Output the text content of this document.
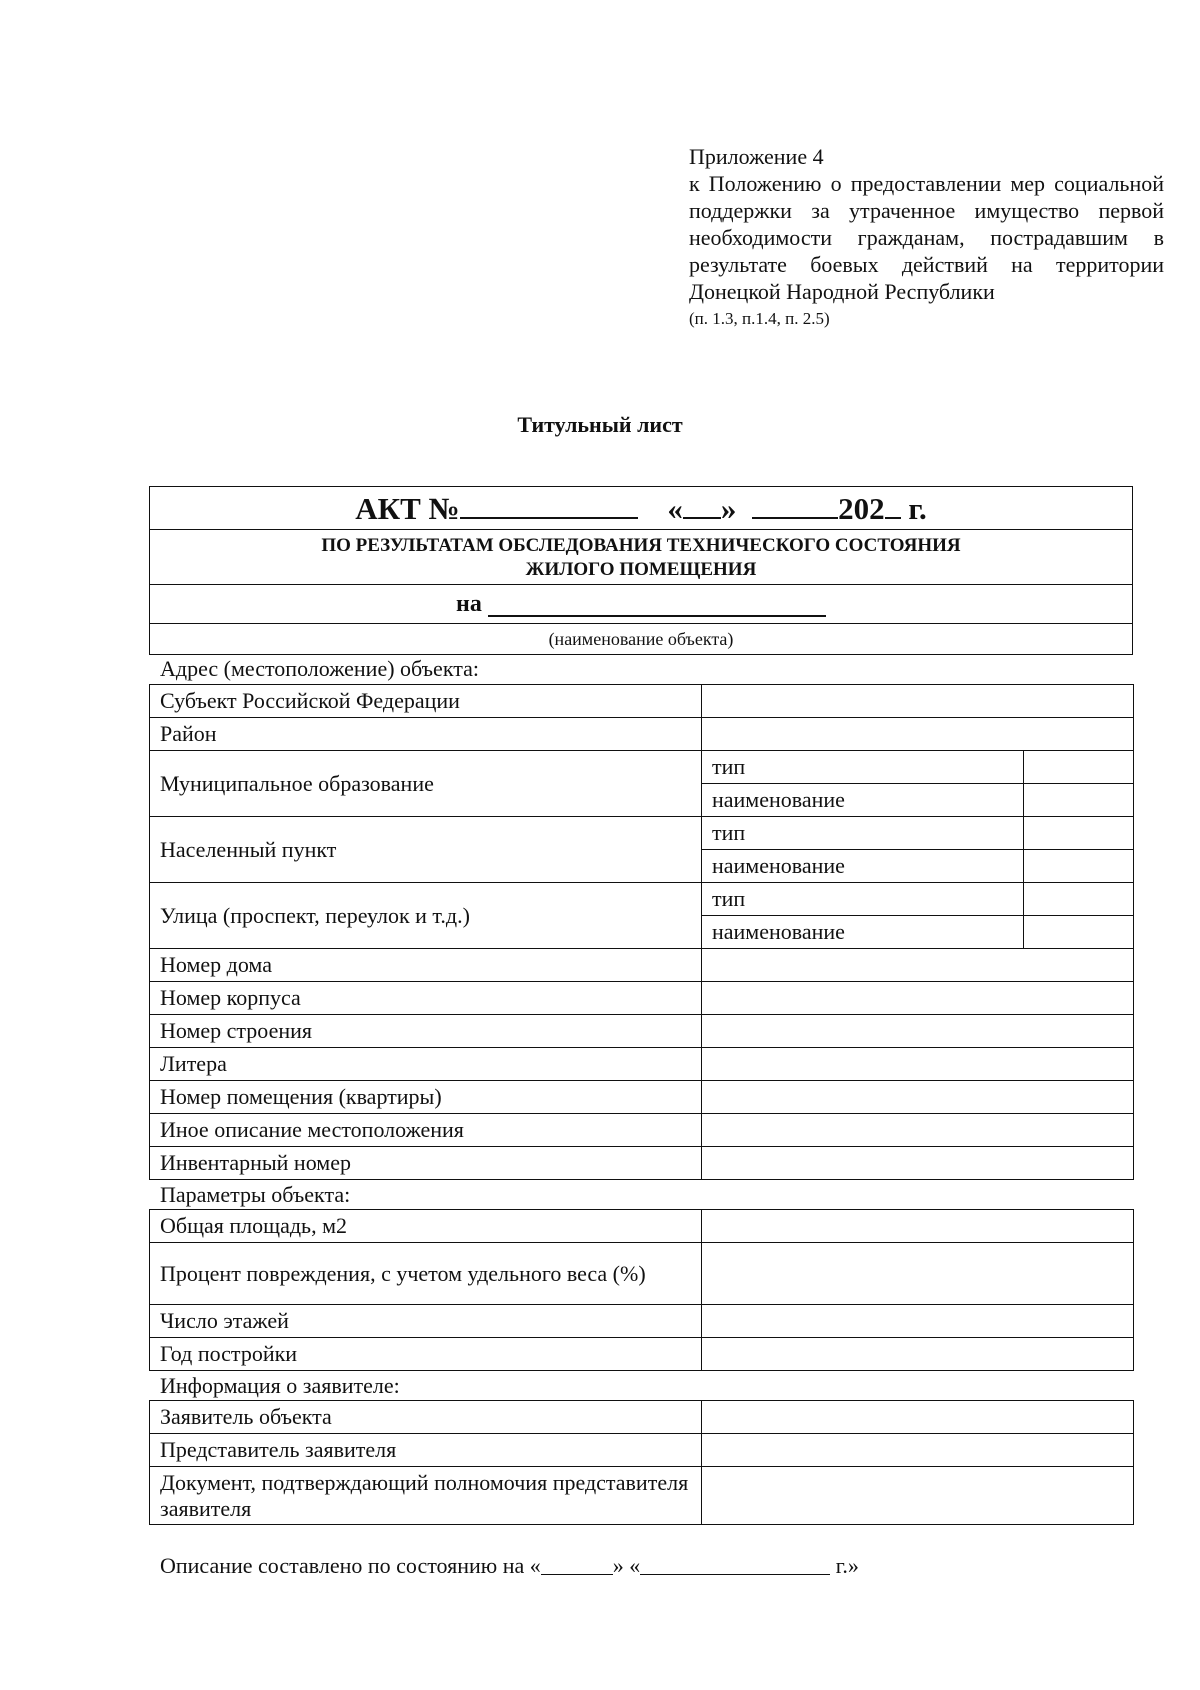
Приложение 4
к Положению о предоставлении мер социальной поддержки за утраченное имущество первой необходимости гражданам, пострадавшим в результате боевых действий на территории Донецкой Народной Республики
(п. 1.3, п.1.4, п. 2.5)
Титульный лист
АКТ №	« »	202 г.
ПО РЕЗУЛЬТАТАМ ОБСЛЕДОВАНИЯ ТЕХНИЧЕСКОГО СОСТОЯНИЯ
ЖИЛОГО ПОМЕЩЕНИЯ
на
(наименование объекта)
Адрес (местоположение) объекта:
Субъект Российской Федерации		
Район		
Муниципальное образование	тип	
	наименование	
Населенный пункт	тип	
	наименование	
Улица (проспект, переулок и т.д.)	тип	
	наименование	
Номер дома		
Номер корпуса		
Номер строения		
Литера		
Номер помещения (квартиры)		
Иное описание местоположения		
Инвентарный номер		
Параметры объекта:
Общая площадь, м2	
Процент повреждения, с учетом удельного веса (%)	
Число этажей	
Год постройки	
Информация о заявителе:
Заявитель объекта	
Представитель заявителя	
Документ, подтверждающий полномочия представителя заявителя	
Описание составлено по состоянию на «	» «	г.»
